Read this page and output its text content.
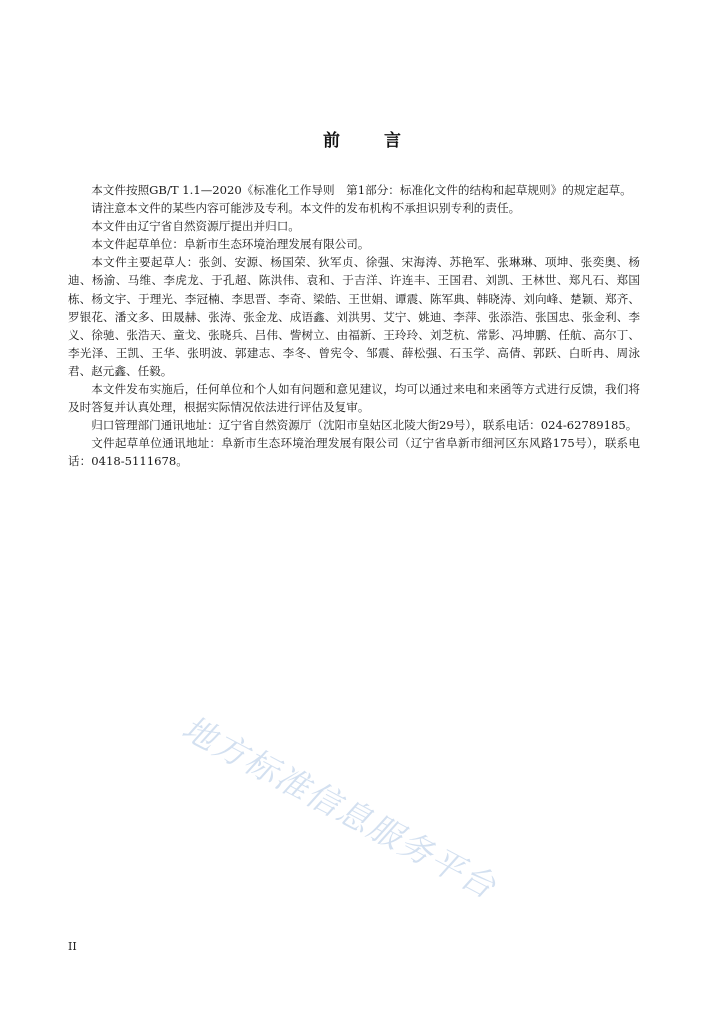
前	言

本文件按照GB/T 1.1—2020《标准化工作导则　第1部分：标准化文件的结构和起草规则》的规定起草。

请注意本文件的某些内容可能涉及专利。本文件的发布机构不承担识别专利的责任。

本文件由辽宁省自然资源厅提出并归口。

本文件起草单位：阜新市生态环境治理发展有限公司。

本文件主要起草人：张剑、安源、杨国荣、狄军贞、徐强、宋海涛、苏艳军、张琳琳、项坤、张奕奥、杨迪、杨渝、马维、李虎龙、于孔超、陈洪伟、袁和、于吉洋、许连丰、王国君、刘凯、王林世、郑凡石、郑国栋、杨文宇、于理光、李冠楠、李思晋、李奇、梁皓、王世娟、谭震、陈军典、韩晓涛、刘向峰、楚颖、郑齐、罗银花、潘文多、田晟赫、张涛、张金龙、成语鑫、刘洪男、艾宁、姚迪、李萍、张添浩、张国忠、张金利、李义、徐驰、张浩天、童戈、张晓兵、吕伟、訾树立、由福新、王玲玲、刘芝杭、常影、冯坤鹏、任航、高尔丁、李光泽、王凯、王华、张明波、郭建志、李冬、曾宪令、邹震、薛松强、石玉学、高倩、郭跃、白昕冉、周泳君、赵元鑫、任毅。

本文件发布实施后，任何单位和个人如有问题和意见建议，均可以通过来电和来函等方式进行反馈，我们将及时答复并认真处理，根据实际情况依法进行评估及复审。

归口管理部门通讯地址：辽宁省自然资源厅（沈阳市皇姑区北陵大街29号），联系电话：024-62789185。

文件起草单位通讯地址：阜新市生态环境治理发展有限公司（辽宁省阜新市细河区东风路175号），联系电话：0418-5111678。

地方标准信息服务平台
II
